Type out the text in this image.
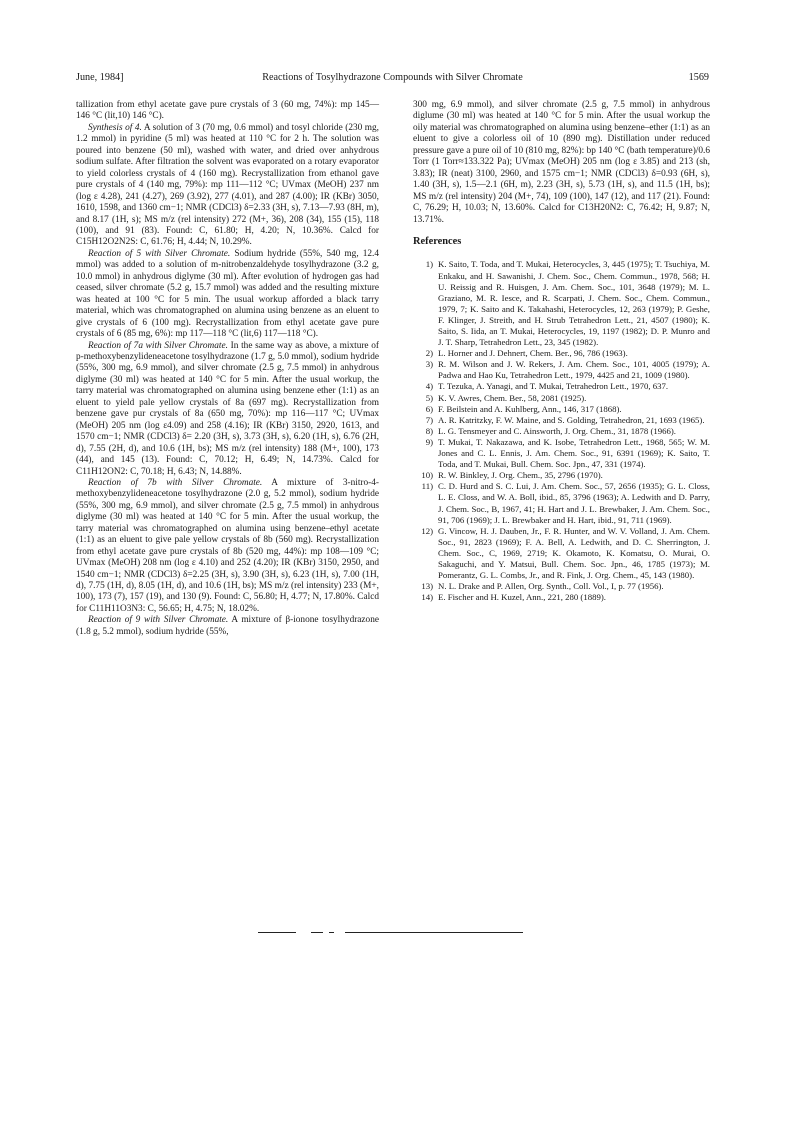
June, 1984]	Reactions of Tosylhydrazone Compounds with Silver Chromate	1569

tallization from ethyl acetate gave pure crystals of 3 (60 mg, 74%): mp 145—146 °C (lit,10) 146 °C).

Synthesis of 4. A solution of 3 (70 mg, 0.6 mmol) and tosyl chloride (230 mg, 1.2 mmol) in pyridine (5 ml) was heated at 110 °C for 2 h. The solution was poured into benzene (50 ml), washed with water, and dried over anhydrous sodium sulfate. After filtration the solvent was evaporated on a rotary evaporator to yield colorless crystals of 4 (160 mg). Recrystallization from ethanol gave pure crystals of 4 (140 mg, 79%): mp 111—112 °C; UVmax (MeOH) 237 nm (log ε 4.28), 241 (4.27), 269 (3.92), 277 (4.01), and 287 (4.00); IR (KBr) 3050, 1610, 1598, and 1360 cm−1; NMR (CDCl3) δ=2.33 (3H, s), 7.13—7.93 (8H, m), and 8.17 (1H, s); MS m/z (rel intensity) 272 (M+, 36), 208 (34), 155 (15), 118 (100), and 91 (83). Found: C, 61.80; H, 4.20; N, 10.36%. Calcd for C15H12O2N2S: C, 61.76; H, 4.44; N, 10.29%.

Reaction of 5 with Silver Chromate. Sodium hydride (55%, 540 mg, 12.4 mmol) was added to a solution of m-nitrobenzaldehyde tosylhydrazone (3.2 g, 10.0 mmol) in anhydrous diglyme (30 ml). After evolution of hydrogen gas had ceased, silver chromate (5.2 g, 15.7 mmol) was added and the resulting mixture was heated at 100 °C for 5 min. The usual workup afforded a black tarry material, which was chromatographed on alumina using benzene as an eluent to give crystals of 6 (100 mg). Recrystallization from ethyl acetate gave pure crystals of 6 (85 mg, 6%): mp 117—118 °C (lit,6) 117—118 °C).

Reaction of 7a with Silver Chromate. In the same way as above, a mixture of p-methoxybenzylideneacetone tosylhydrazone (1.7 g, 5.0 mmol), sodium hydride (55%, 300 mg, 6.9 mmol), and silver chromate (2.5 g, 7.5 mmol) in anhydrous diglyme (30 ml) was heated at 140 °C for 5 min. After the usual workup, the tarry material was chromatographed on alumina using benzene ether (1:1) as an eluent to yield pale yellow crystals of 8a (697 mg). Recrystallization from benzene gave pur crystals of 8a (650 mg, 70%): mp 116—117 °C; UVmax (MeOH) 205 nm (log ε4.09) and 258 (4.16); IR (KBr) 3150, 2920, 1613, and 1570 cm−1; NMR (CDCl3) δ= 2.20 (3H, s), 3.73 (3H, s), 6.20 (1H, s), 6.76 (2H, d), 7.55 (2H, d), and 10.6 (1H, bs); MS m/z (rel intensity) 188 (M+, 100), 173 (44), and 145 (13). Found: C, 70.12; H, 6.49; N, 14.73%. Calcd for C11H12ON2: C, 70.18; H, 6.43; N, 14.88%.

Reaction of 7b with Silver Chromate. A mixture of 3-nitro-4-methoxybenzylideneacetone tosylhydrazone (2.0 g, 5.2 mmol), sodium hydride (55%, 300 mg, 6.9 mmol), and silver chromate (2.5 g, 7.5 mmol) in anhydrous diglyme (30 ml) was heated at 140 °C for 5 min. After the usual workup, the tarry material was chromatographed on alumina using benzene–ethyl acetate (1:1) as an eluent to give pale yellow crystals of 8b (560 mg). Recrystallization from ethyl acetate gave pure crystals of 8b (520 mg, 44%): mp 108—109 °C; UVmax (MeOH) 208 nm (log ε 4.10) and 252 (4.20); IR (KBr) 3150, 2950, and 1540 cm−1; NMR (CDCl3) δ=2.25 (3H, s), 3.90 (3H, s), 6.23 (1H, s), 7.00 (1H, d), 7.75 (1H, d), 8.05 (1H, d), and 10.6 (1H, bs); MS m/z (rel intensity) 233 (M+, 100), 173 (7), 157 (19), and 130 (9). Found: C, 56.80; H, 4.77; N, 17.80%. Calcd for C11H11O3N3: C, 56.65; H, 4.75; N, 18.02%.

Reaction of 9 with Silver Chromate. A mixture of β-ionone tosylhydrazone (1.8 g, 5.2 mmol), sodium hydride (55%,

300 mg, 6.9 mmol), and silver chromate (2.5 g, 7.5 mmol) in anhydrous diglume (30 ml) was heated at 140 °C for 5 min. After the usual workup the oily material was chromatographed on alumina using benzene–ether (1:1) as an eluent to give a colorless oil of 10 (890 mg). Distillation under reduced pressure gave a pure oil of 10 (810 mg, 82%): bp 140 °C (bath temperature)/0.6 Torr (1 Torr≈133.322 Pa); UVmax (MeOH) 205 nm (log ε 3.85) and 213 (sh, 3.83); IR (neat) 3100, 2960, and 1575 cm−1; NMR (CDCl3) δ=0.93 (6H, s), 1.40 (3H, s), 1.5—2.1 (6H, m), 2.23 (3H, s), 5.73 (1H, s), and 11.5 (1H, bs); MS m/z (rel intensity) 204 (M+, 74), 109 (100), 147 (12), and 117 (21). Found: C, 76.29; H, 10.03; N, 13.60%. Calcd for C13H20N2: C, 76.42; H, 9.87; N, 13.71%.

References
1) K. Saito, T. Toda, and T. Mukai, Heterocycles, 3, 445 (1975); T. Tsuchiya, M. Enkaku, and H. Sawanishi, J. Chem. Soc., Chem. Commun., 1978, 568; H. U. Reissig and R. Huisgen, J. Am. Chem. Soc., 101, 3648 (1979); M. L. Graziano, M. R. Iesce, and R. Scarpati, J. Chem. Soc., Chem. Commun., 1979, 7; K. Saito and K. Takahashi, Heterocycles, 12, 263 (1979); P. Geshe, F. Klinger, J. Streith, and H. Strub Tetrahedron Lett., 21, 4507 (1980); K. Saito, S. Iida, an T. Mukai, Heterocycles, 19, 1197 (1982); D. P. Munro and J. T. Sharp, Tetrahedron Lett., 23, 345 (1982).
2) L. Horner and J. Dehnert, Chem. Ber., 96, 786 (1963).
3) R. M. Wilson and J. W. Rekers, J. Am. Chem. Soc., 101, 4005 (1979); A. Padwa and Hao Ku, Tetrahedron Lett., 1979, 4425 and 21, 1009 (1980).
4) T. Tezuka, A. Yanagi, and T. Mukai, Tetrahedron Lett., 1970, 637.
5) K. V. Awres, Chem. Ber., 58, 2081 (1925).
6) F. Beilstein and A. Kuhlberg, Ann., 146, 317 (1868).
7) A. R. Katritzky, F. W. Maine, and S. Golding, Tetrahedron, 21, 1693 (1965).
8) L. G. Tensmeyer and C. Ainsworth, J. Org. Chem., 31, 1878 (1966).
9) T. Mukai, T. Nakazawa, and K. Isobe, Tetrahedron Lett., 1968, 565; W. M. Jones and C. L. Ennis, J. Am. Chem. Soc., 91, 6391 (1969); K. Saito, T. Toda, and T. Mukai, Bull. Chem. Soc. Jpn., 47, 331 (1974).
10) R. W. Binkley, J. Org. Chem., 35, 2796 (1970).
11) C. D. Hurd and S. C. Lui, J. Am. Chem. Soc., 57, 2656 (1935); G. L. Closs, L. E. Closs, and W. A. Boll, ibid., 85, 3796 (1963); A. Ledwith and D. Parry, J. Chem. Soc., B, 1967, 41; H. Hart and J. L. Brewbaker, J. Am. Chem. Soc., 91, 706 (1969); J. L. Brewbaker and H. Hart, ibid., 91, 711 (1969).
12) G. Vincow, H. J. Dauben, Jr., F. R. Hunter, and W. V. Volland, J. Am. Chem. Soc., 91, 2823 (1969); F. A. Bell, A. Ledwith, and D. C. Sherrington, J. Chem. Soc., C, 1969, 2719; K. Okamoto, K. Komatsu, O. Murai, O. Sakaguchi, and Y. Matsui, Bull. Chem. Soc. Jpn., 46, 1785 (1973); M. Pomerantz, G. L. Combs, Jr., and R. Fink, J. Org. Chem., 45, 143 (1980).
13) N. L. Drake and P. Allen, Org. Synth., Coll. Vol., I, p. 77 (1956).
14) E. Fischer and H. Kuzel, Ann., 221, 280 (1889).
